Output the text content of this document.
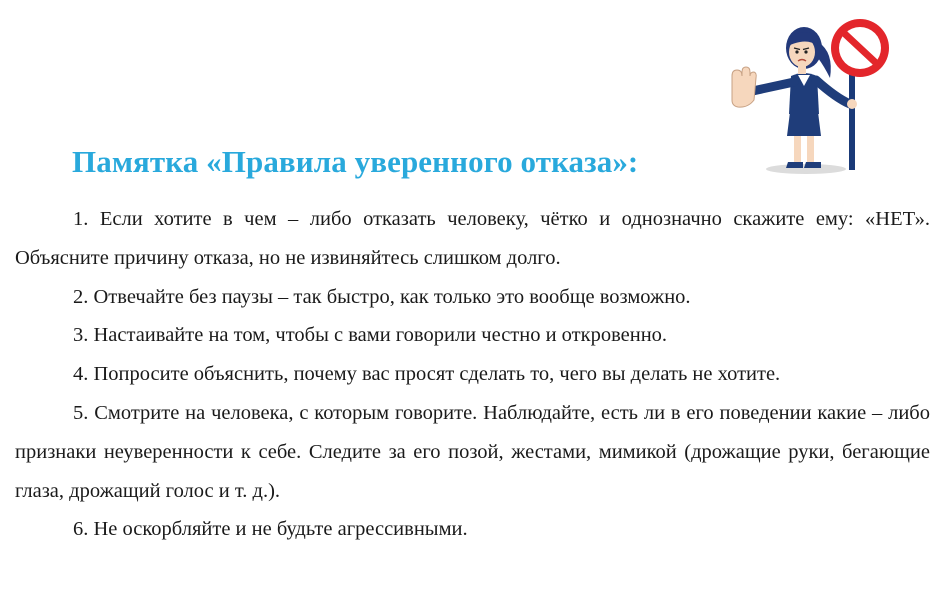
Памятка «Правила уверенного отказа»:

1. Если хотите в чем – либо отказать человеку, чётко и однозначно скажите ему: «НЕТ». Объясните причину отказа, но не извиняйтесь слишком долго.

2. Отвечайте без паузы – так быстро, как только это вообще возможно.

3. Настаивайте на том, чтобы с вами говорили честно и откровенно.

4. Попросите объяснить, почему вас просят сделать то, чего вы делать не хотите.

5. Смотрите на человека, с которым говорите. Наблюдайте, есть ли в его поведении какие – либо признаки неуверенности к себе. Следите за его позой, жестами, мимикой (дрожащие руки, бегающие глаза, дрожащий голос и т. д.).

6. Не оскорбляйте и не будьте агрессивными.
